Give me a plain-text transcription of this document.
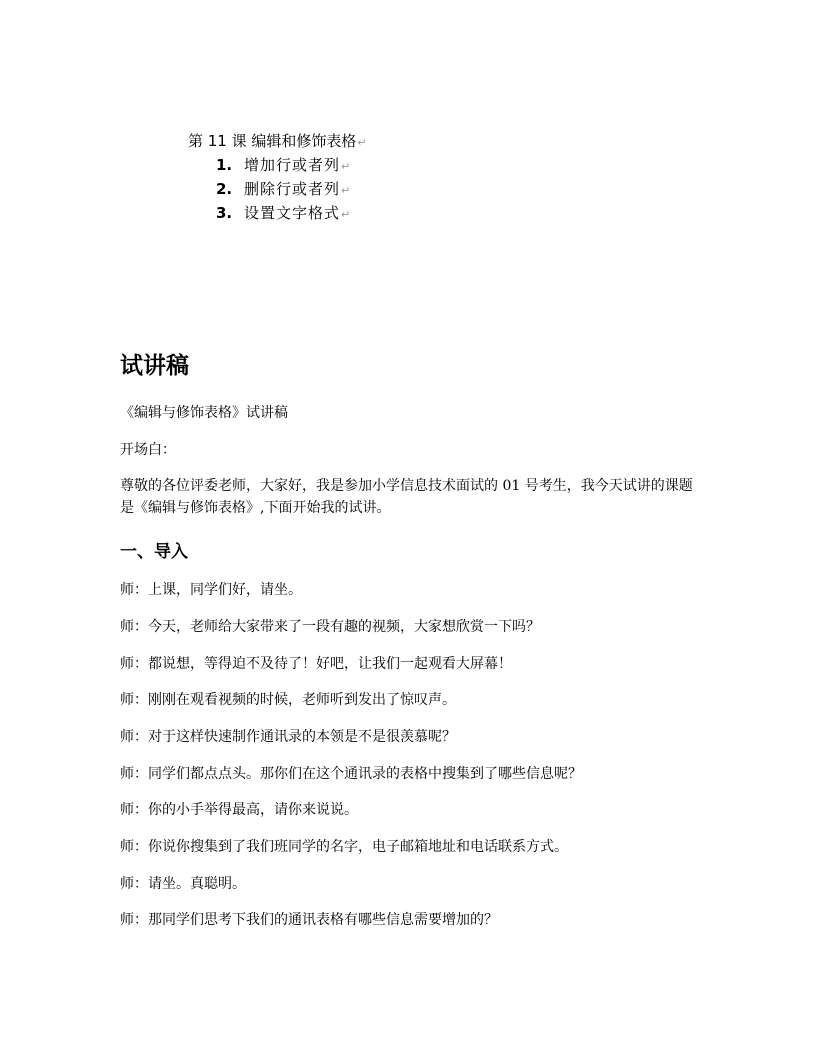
第 11 课 编辑和修饰表格↵
1. 增加行或者列↵
2. 删除行或者列↵
3. 设置文字格式↵
试讲稿

《编辑与修饰表格》试讲稿

开场白：

尊敬的各位评委老师，大家好，我是参加小学信息技术面试的 01 号考生，我今天试讲的课题是《编辑与修饰表格》,下面开始我的试讲。

一、导入

师：上课，同学们好，请坐。

师：今天，老师给大家带来了一段有趣的视频，大家想欣赏一下吗？

师：都说想，等得迫不及待了！好吧，让我们一起观看大屏幕！

师：刚刚在观看视频的时候，老师听到发出了惊叹声。

师：对于这样快速制作通讯录的本领是不是很羡慕呢？

师：同学们都点点头。那你们在这个通讯录的表格中搜集到了哪些信息呢？

师：你的小手举得最高，请你来说说。

师：你说你搜集到了我们班同学的名字，电子邮箱地址和电话联系方式。

师：请坐。真聪明。

师：那同学们思考下我们的通讯表格有哪些信息需要增加的？
